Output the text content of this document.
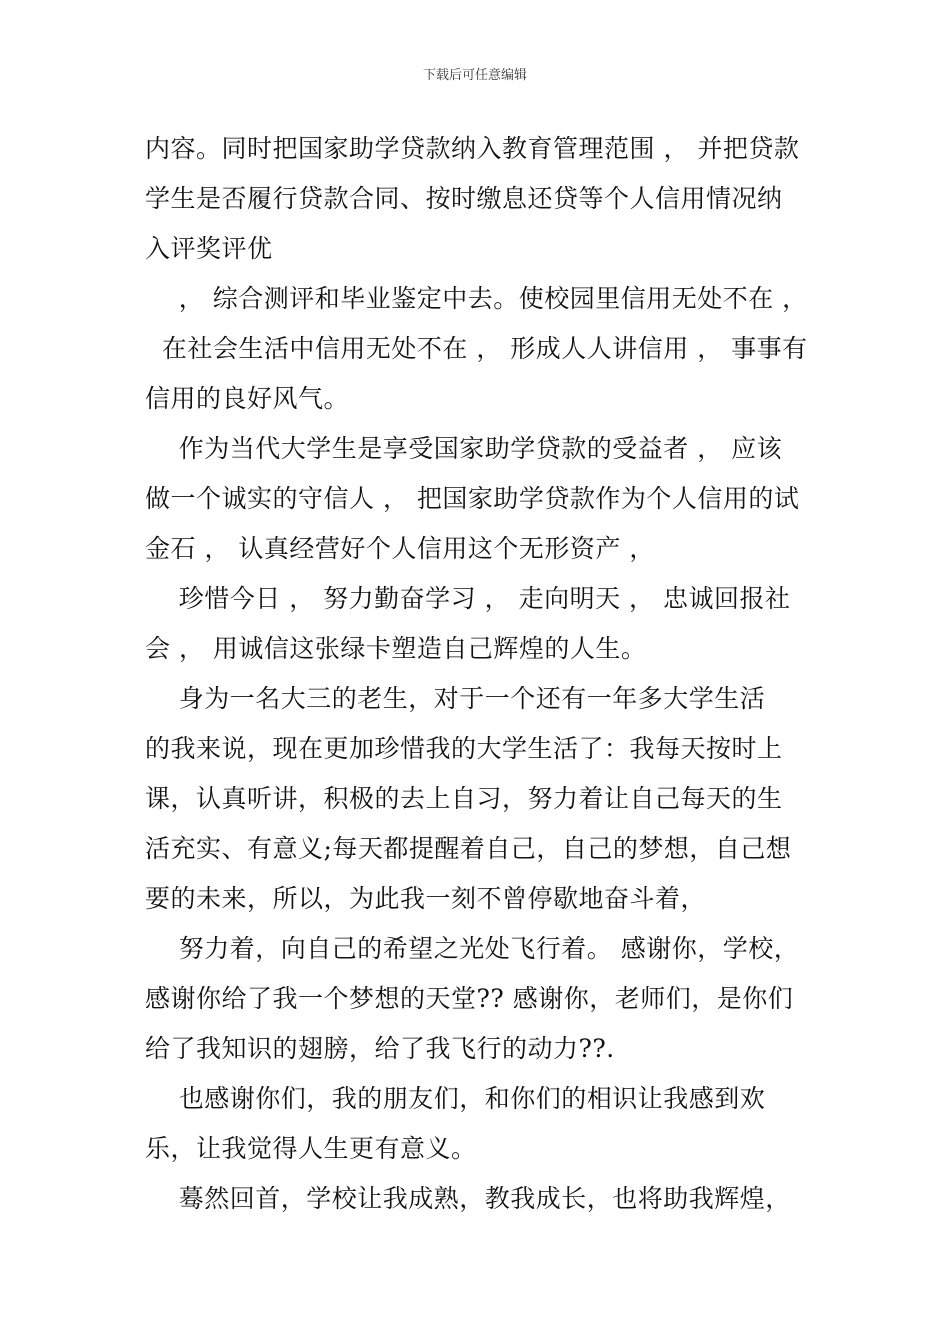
下载后可任意编辑
内容。同时把国家助学贷款纳入教育管理范围 ， 并把贷款
学生是否履行贷款合同、按时缴息还贷等个人信用情况纳
入评奖评优
， 综合测评和毕业鉴定中去。使校园里信用无处不在 ，
在社会生活中信用无处不在 ， 形成人人讲信用 ， 事事有
信用的良好风气。
作为当代大学生是享受国家助学贷款的受益者 ， 应该
做一个诚实的守信人 ， 把国家助学贷款作为个人信用的试
金石 ， 认真经营好个人信用这个无形资产 ，
珍惜今日 ， 努力勤奋学习 ， 走向明天 ， 忠诚回报社
会 ， 用诚信这张绿卡塑造自己辉煌的人生。
身为一名大三的老生，对于一个还有一年多大学生活
的我来说，现在更加珍惜我的大学生活了：我每天按时上
课，认真听讲，积极的去上自习，努力着让自己每天的生
活充实、有意义;每天都提醒着自己，自己的梦想，自己想
要的未来，所以，为此我一刻不曾停歇地奋斗着，
努力着，向自己的希望之光处飞行着。 感谢你，学校，
感谢你给了我一个梦想的天堂?? 感谢你，老师们，是你们
给了我知识的翅膀，给了我飞行的动力??.
也感谢你们，我的朋友们，和你们的相识让我感到欢
乐，让我觉得人生更有意义。
蓦然回首，学校让我成熟，教我成长，也将助我辉煌，
